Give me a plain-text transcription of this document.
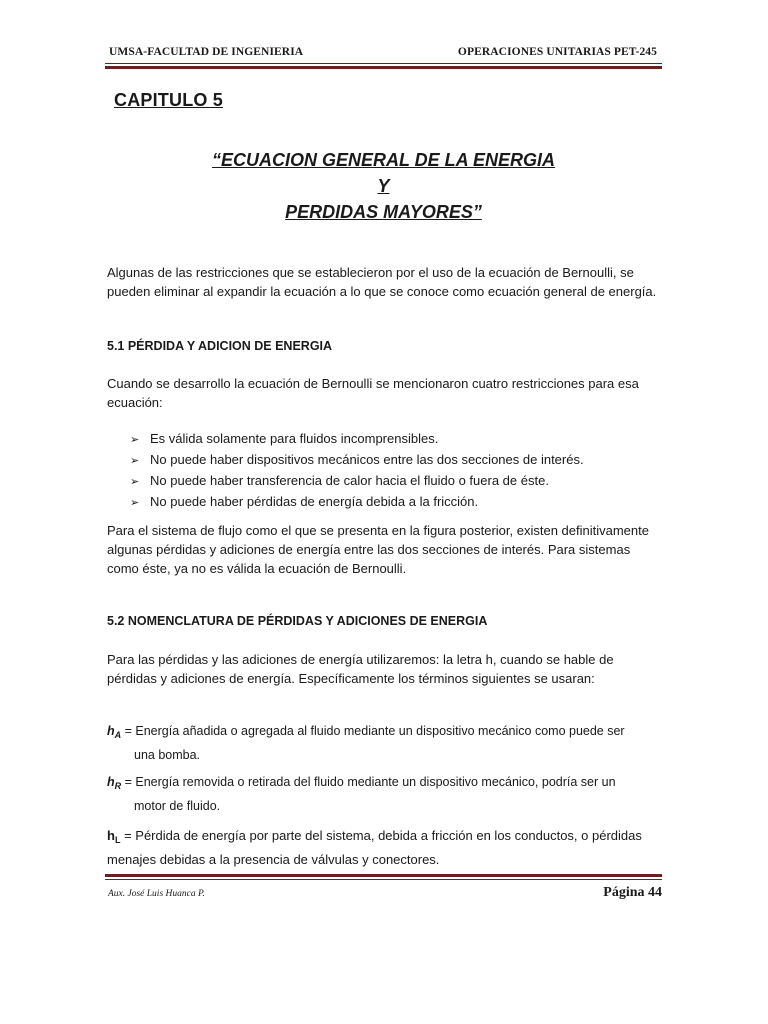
UMSA-FACULTAD DE INGENIERIA	OPERACIONES UNITARIAS PET-245
CAPITULO 5
“ECUACION GENERAL DE LA ENERGIA
Y
PERDIDAS MAYORES”
Algunas de las restricciones que se establecieron por el uso de la ecuación de Bernoulli, se pueden eliminar al expandir la ecuación a lo que se conoce como ecuación general de energía.
5.1 PÉRDIDA Y ADICION DE ENERGIA
Cuando se desarrollo la ecuación de Bernoulli se mencionaron cuatro restricciones para esa ecuación:
➢ Es válida solamente para fluidos incomprensibles.
➢ No puede haber dispositivos mecánicos entre las dos secciones de interés.
➢ No puede haber transferencia de calor hacia el fluido o fuera de éste.
➢ No puede haber pérdidas de energía debida a la fricción.
Para el sistema de flujo como el que se presenta en la figura posterior, existen definitivamente algunas pérdidas y adiciones de energía entre las dos secciones de interés. Para sistemas como éste, ya no es válida la ecuación de Bernoulli.
5.2 NOMENCLATURA DE PÉRDIDAS Y ADICIONES DE ENERGIA
Para las pérdidas y las adiciones de energía utilizaremos: la letra h, cuando se hable de pérdidas y adiciones de energía. Específicamente los términos siguientes se usaran:
$h_A$ = Energía añadida o agregada al fluido mediante un dispositivo mecánico como puede ser
una bomba.
$h_R$ = Energía removida o retirada del fluido mediante un dispositivo mecánico, podría ser un
motor de fluido.
$h_L$ = Pérdida de energía por parte del sistema, debida a fricción en los conductos, o pérdidas menajes debidas a la presencia de válvulas y conectores.
Aux. José Luis Huanca P.	Página 44
